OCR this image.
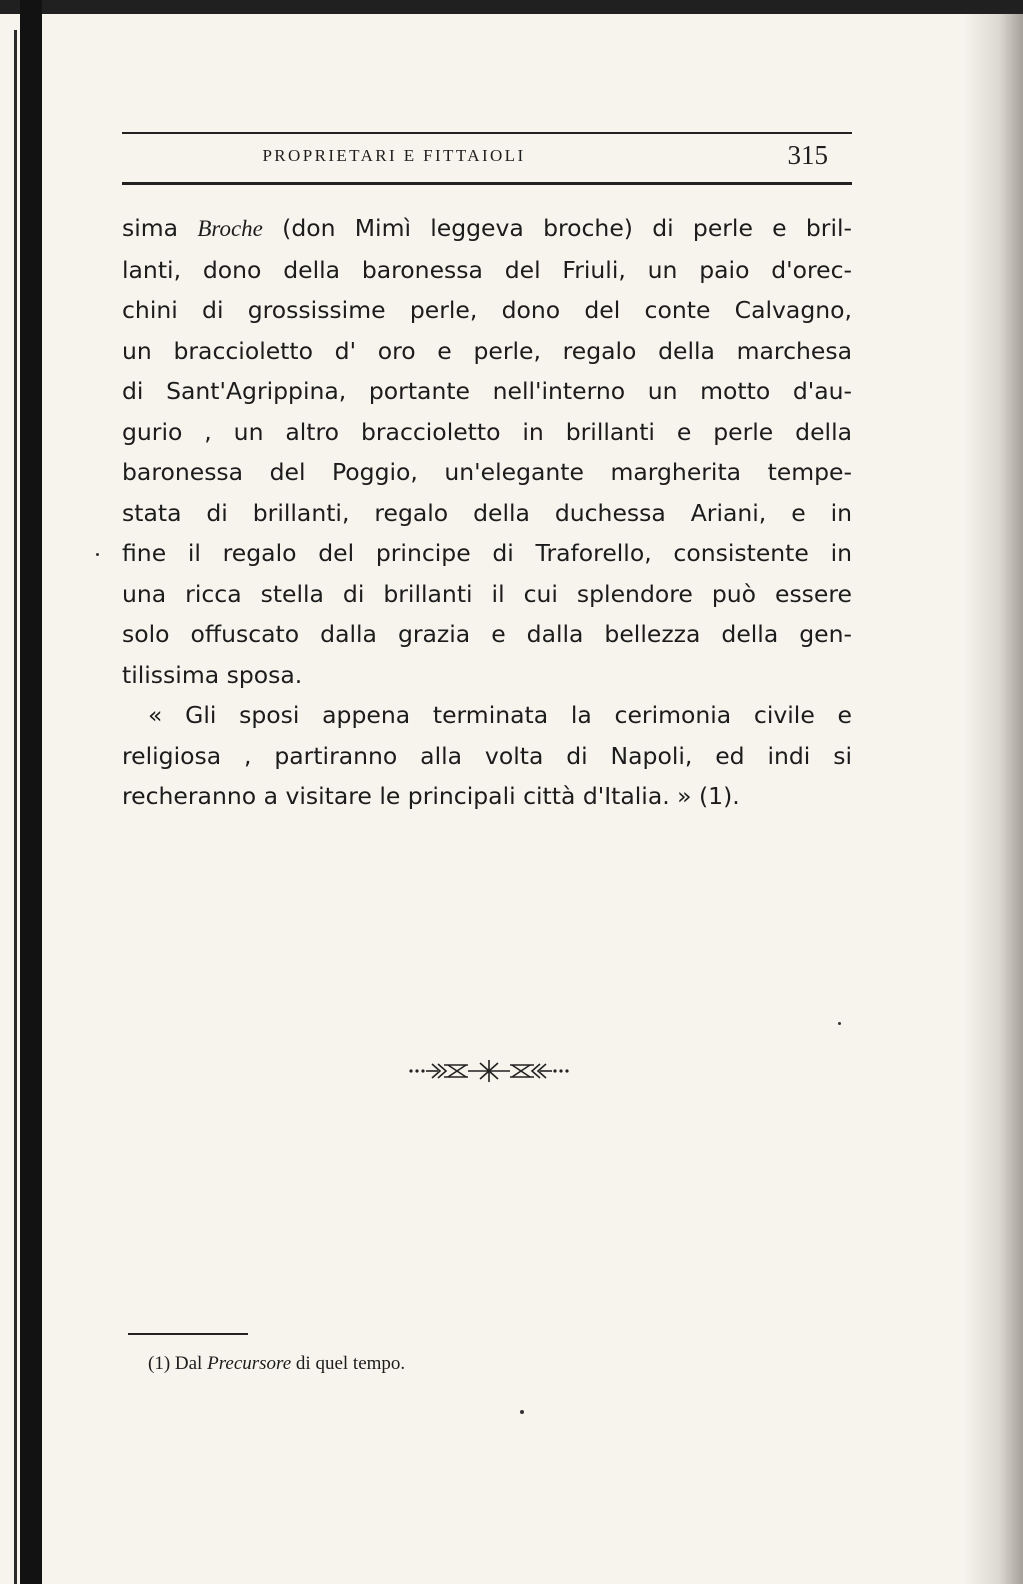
PROPRIETARI E FITTAIOLI	315
sima Broche (don Mimì leggeva broche) di perle e bril-
lanti, dono della baronessa del Friuli, un paio d'orec-
chini di grossissime perle, dono del conte Calvagno,
un braccioletto d' oro e perle, regalo della marchesa
di Sant'Agrippina, portante nell'interno un motto d'au-
gurio , un altro braccioletto in brillanti e perle della
baronessa del Poggio, un'elegante margherita tempe-
stata di brillanti, regalo della duchessa Ariani, e in
fine il regalo del principe di Traforello, consistente in
una ricca stella di brillanti il cui splendore può essere
solo offuscato dalla grazia e dalla bellezza della gen-
tilissima sposa.
« Gli sposi appena terminata la cerimonia civile e
religiosa , partiranno alla volta di Napoli, ed indi si
recheranno a visitare le principali città d'Italia. » (1).
(1) Dal Precursore di quel tempo.
